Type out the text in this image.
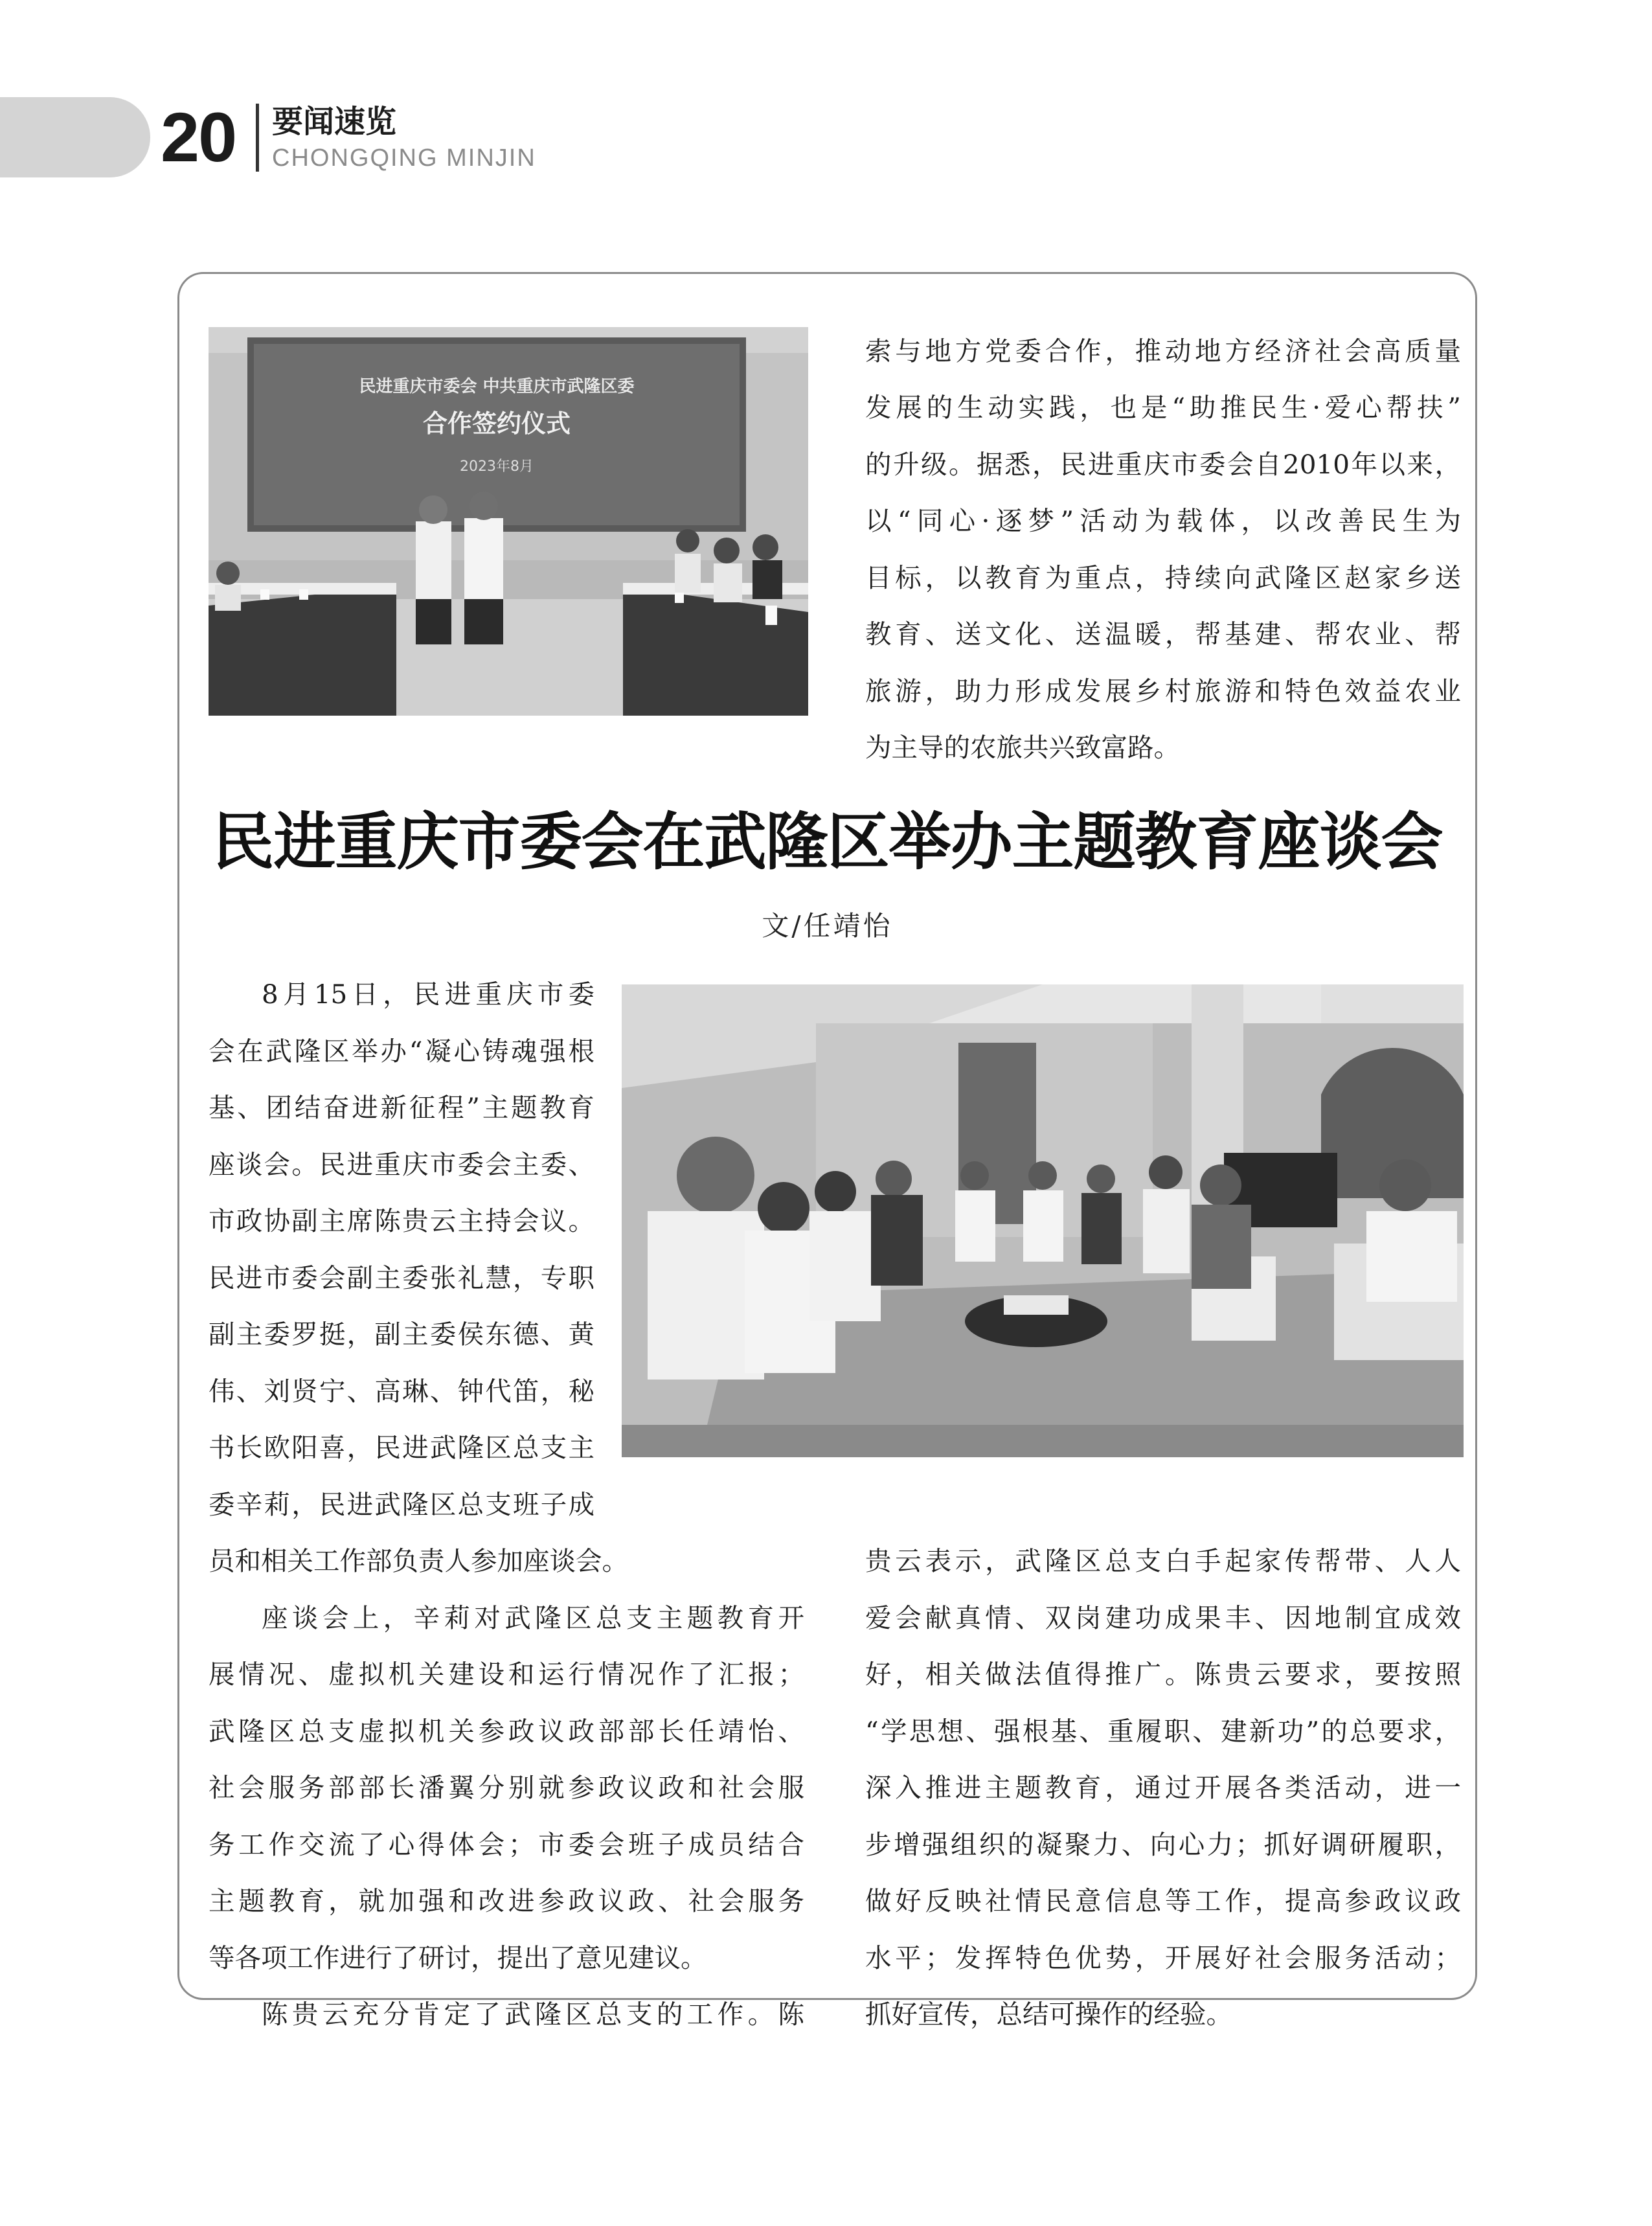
20 要闻速览
CHONGQING MINJIN
民进重庆市委会 中共重庆市武隆区委
合作签约仪式
2023年8月
索与地方党委合作，推动地方经济社会高质量
发展的生动实践，也是“助推民生·爱心帮扶”
的升级。据悉，民进重庆市委会自2010年以来，
以“同心·逐梦”活动为载体，以改善民生为
目标，以教育为重点，持续向武隆区赵家乡送
教育、送文化、送温暖，帮基建、帮农业、帮
旅游，助力形成发展乡村旅游和特色效益农业
为主导的农旅共兴致富路。
民进重庆市委会在武隆区举办主题教育座谈会
文/任靖怡
8月15日，民进重庆市委
会在武隆区举办“凝心铸魂强根
基、团结奋进新征程”主题教育
座谈会。民进重庆市委会主委、
市政协副主席陈贵云主持会议。
民进市委会副主委张礼慧，专职
副主委罗挺，副主委侯东德、黄
伟、刘贤宁、高琳、钟代笛，秘
书长欧阳喜，民进武隆区总支主
委辛莉，民进武隆区总支班子成
员和相关工作部负责人参加座谈会。
座谈会上，辛莉对武隆区总支主题教育开
展情况、虚拟机关建设和运行情况作了汇报；
武隆区总支虚拟机关参政议政部部长任靖怡、
社会服务部部长潘翼分别就参政议政和社会服
务工作交流了心得体会；市委会班子成员结合
主题教育，就加强和改进参政议政、社会服务
等各项工作进行了研讨，提出了意见建议。
陈贵云充分肯定了武隆区总支的工作。陈
贵云表示，武隆区总支白手起家传帮带、人人
爱会献真情、双岗建功成果丰、因地制宜成效
好，相关做法值得推广。陈贵云要求，要按照
“学思想、强根基、重履职、建新功”的总要求，
深入推进主题教育，通过开展各类活动，进一
步增强组织的凝聚力、向心力；抓好调研履职，
做好反映社情民意信息等工作，提高参政议政
水平；发挥特色优势，开展好社会服务活动；
抓好宣传，总结可操作的经验。
